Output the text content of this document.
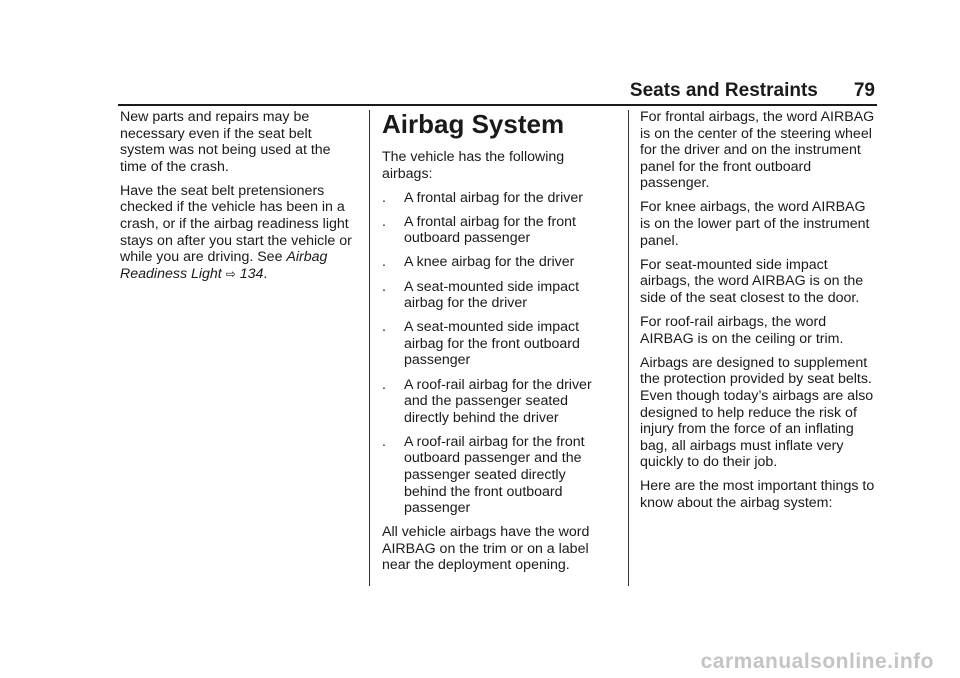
Seats and Restraints 79

New parts and repairs may be necessary even if the seat belt system was not being used at the time of the crash.

Have the seat belt pretensioners checked if the vehicle has been in a crash, or if the airbag readiness light stays on after you start the vehicle or while you are driving. See Airbag Readiness Light ⇨ 134.

Airbag System

The vehicle has the following airbags:

. A frontal airbag for the driver
. A frontal airbag for the front outboard passenger
. A knee airbag for the driver
. A seat-mounted side impact airbag for the driver
. A seat-mounted side impact airbag for the front outboard passenger
. A roof-rail airbag for the driver and the passenger seated directly behind the driver
. A roof-rail airbag for the front outboard passenger and the passenger seated directly behind the front outboard passenger

All vehicle airbags have the word AIRBAG on the trim or on a label near the deployment opening.

For frontal airbags, the word AIRBAG is on the center of the steering wheel for the driver and on the instrument panel for the front outboard passenger.

For knee airbags, the word AIRBAG is on the lower part of the instrument panel.

For seat-mounted side impact airbags, the word AIRBAG is on the side of the seat closest to the door.

For roof-rail airbags, the word AIRBAG is on the ceiling or trim.

Airbags are designed to supplement the protection provided by seat belts. Even though today’s airbags are also designed to help reduce the risk of injury from the force of an inflating bag, all airbags must inflate very quickly to do their job.

Here are the most important things to know about the airbag system:

carmanualsonline.info
